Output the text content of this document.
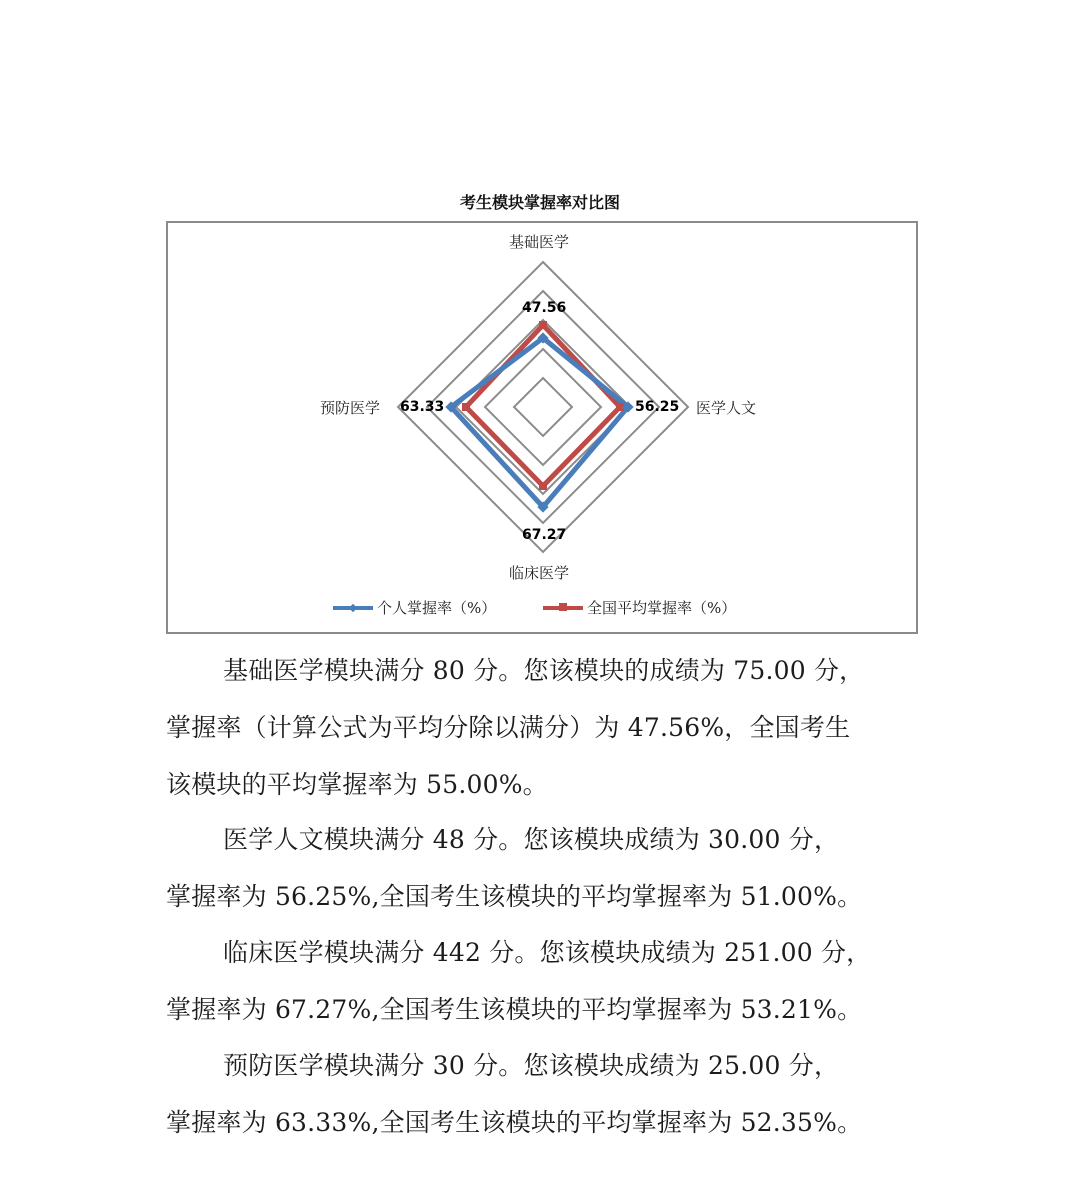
考生模块掌握率对比图
基础医学
医学人文
临床医学
预防医学
47.56
56.25
67.27
63.33
个人掌握率（%）	全国平均掌握率（%）
基础医学模块满分 80 分。您该模块的成绩为 75.00 分，
掌握率（计算公式为平均分除以满分）为 47.56%，全国考生
该模块的平均掌握率为 55.00%。
医学人文模块满分 48 分。您该模块成绩为 30.00 分，
掌握率为 56.25%,全国考生该模块的平均掌握率为 51.00%。
临床医学模块满分 442 分。您该模块成绩为 251.00 分，
掌握率为 67.27%,全国考生该模块的平均掌握率为 53.21%。
预防医学模块满分 30 分。您该模块成绩为 25.00 分，
掌握率为 63.33%,全国考生该模块的平均掌握率为 52.35%。
